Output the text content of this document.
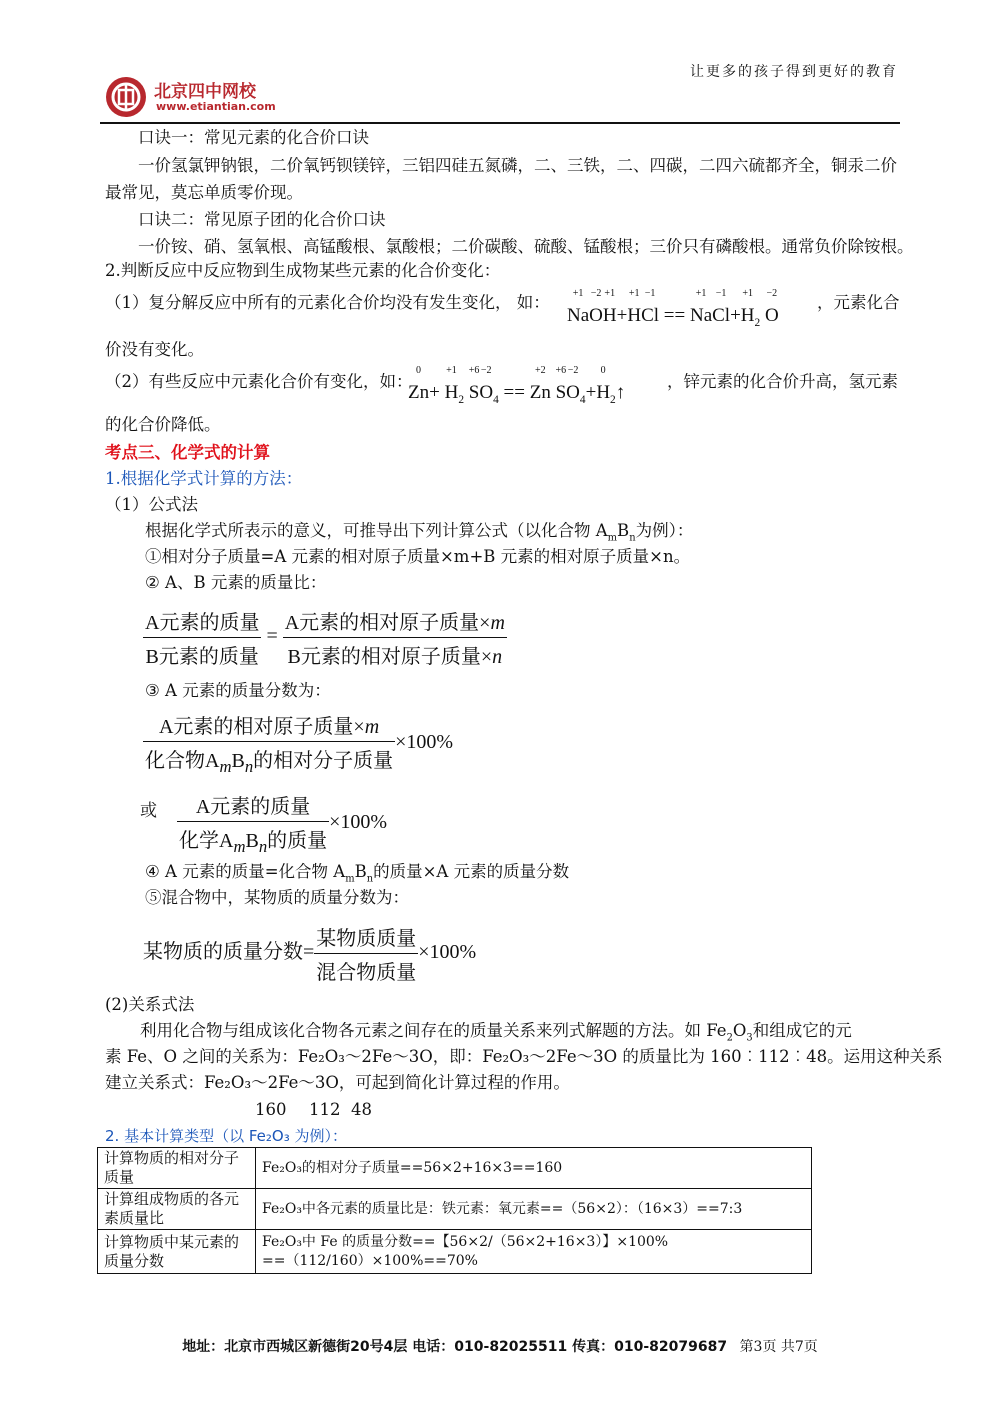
北京四中网校
www.etiantian.com
让更多的孩子得到更好的教育
口诀一：常见元素的化合价口诀
一价氢氯钾钠银，二价氧钙钡镁锌，三铝四硅五氮磷，二、三铁，二、四碳，二四六硫都齐全，铜汞二价
最常见，莫忘单质零价现。
口诀二：常见原子团的化合价口诀
一价铵、硝、氢氧根、高锰酸根、氯酸根；二价碳酸、硫酸、锰酸根；三价只有磷酸根。通常负价除铵根。
2.判断反应中反应物到生成物某些元素的化合价变化：
（1）复分解反应中所有的元素化合价均没有发生变化， 如：
Na
+1
O
−2
H
+1
+H
+1
Cl
−1
== Na
+1
Cl
−1
+H
+1
$_2$ O
−2 ，元素化合
价没有变化。
（2）有些反应中元素化合价有变化，如：
Zn
0
+ H
+1
$_2$ S
+6
O
−2
$_4$ == Zn
+2
S
+6
O
−2
$_4$+H
0
$_2$↑
，锌元素的化合价升高，氢元素
的化合价降低。
考点三、化学式的计算
1.根据化学式计算的方法：
（1）公式法
根据化学式所表示的意义，可推导出下列计算公式（以化合物 $A_mB_n$为例）：
①相对分子质量=A 元素的相对原子质量×m+B 元素的相对原子质量×n。
② A、B 元素的质量比：
$\frac{\text{A元素的质量}}{\text{B元素的质量}} = \frac{\text{A元素的相对原子质量×m}}{\text{B元素的相对原子质量×n}}$
③ A 元素的质量分数为：
$\frac{\text{A元素的相对原子质量×m}}{化合物A_mB_n的相对分子质量} \times 100\%$
或 $\frac{\text{A元素的质量}}{化学A_mB_n的质量} \times 100\%$
④ A 元素的质量=化合物 $A_mB_n$的质量×A 元素的质量分数
⑤混合物中，某物质的质量分数为：
某物质的质量分数= $\frac{\text{某物质质量}}{\text{混合物质量}} \times 100\%$
(2)关系式法
利用化合物与组成该化合物各元素之间存在的质量关系来列式解题的方法。如 $Fe_2O_3$和组成它的元
素 Fe、O 之间的关系为：Fe₂O₃～2Fe～3O，即：Fe₂O₃～2Fe～3O 的质量比为 160︰112︰48。运用这种关系
建立关系式：Fe₂O₃～2Fe～3O，可起到简化计算过程的作用。
160 112 48
2. 基本计算类型（以 Fe₂O₃ 为例）：
计算物质的相对分子质量	Fe₂O₃的相对分子质量==56×2+16×3==160
计算组成物质的各元素质量比	Fe₂O₃中各元素的质量比是：铁元素：氧元素==（56×2）：（16×3）==7:3
计算物质中某元素的质量分数	Fe₂O₃中 Fe 的质量分数==【56×2/（56×2+16×3）】×100%
==（112/160）×100%==70%
地址：北京市西城区新德街20号4层 电话：010-82025511 传真：010-82079687 第3页 共7页
